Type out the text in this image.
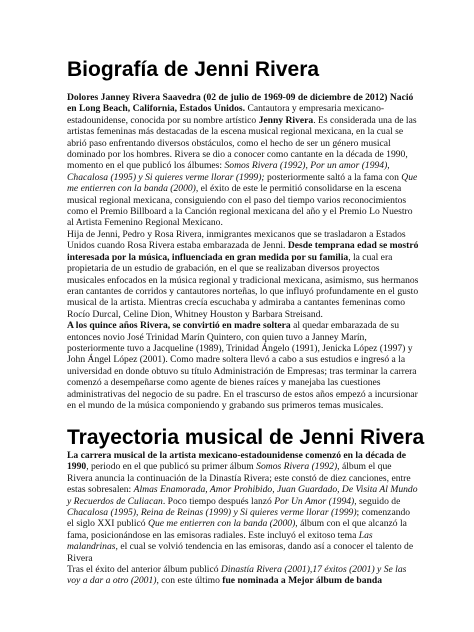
Biografía de Jenni Rivera

Dolores Janney Rivera Saavedra (02 de julio de 1969-09 de diciembre de 2012) Nació en Long Beach, California, Estados Unidos. Cantautora y empresaria mexicano-estadounidense, conocida por su nombre artístico Jenny Rivera. Es considerada una de las artistas femeninas más destacadas de la escena musical regional mexicana, en la cual se abrió paso enfrentando diversos obstáculos, como el hecho de ser un género musical dominado por los hombres. Rivera se dio a conocer como cantante en la década de 1990, momento en el que publicó los álbumes: Somos Rivera (1992), Por un amor (1994), Chacalosa (1995) y Si quieres verme llorar (1999); posteriormente saltó a la fama con Que me entierren con la banda (2000), el éxito de este le permitió consolidarse en la escena musical regional mexicana, consiguiendo con el paso del tiempo varios reconocimientos como el Premio Billboard a la Canción regional mexicana del año y el Premio Lo Nuestro al Artista Femenino Regional Mexicano.

Hija de Jenni, Pedro y Rosa Rivera, inmigrantes mexicanos que se trasladaron a Estados Unidos cuando Rosa Rivera estaba embarazada de Jenni. Desde temprana edad se mostró interesada por la música, influenciada en gran medida por su familia, la cual era propietaria de un estudio de grabación, en el que se realizaban diversos proyectos musicales enfocados en la música regional y tradicional mexicana, asimismo, sus hermanos eran cantantes de corridos y cantautores norteñas, lo que influyó profundamente en el gusto musical de la artista. Mientras crecía escuchaba y admiraba a cantantes femeninas como Rocío Durcal, Celine Dion, Whitney Houston y Barbara Streisand.

A los quince años Rivera, se convirtió en madre soltera al quedar embarazada de su entonces novio José Trinidad Marín Quintero, con quien tuvo a Janney Marín, posteriormente tuvo a Jacqueline (1989), Trinidad Ángelo (1991), Jenicka López (1997) y John Ángel López (2001). Como madre soltera llevó a cabo a sus estudios e ingresó a la universidad en donde obtuvo su título Administración de Empresas; tras terminar la carrera comenzó a desempeñarse como agente de bienes raíces y manejaba las cuestiones administrativas del negocio de su padre. En el trascurso de estos años empezó a incursionar en el mundo de la música componiendo y grabando sus primeros temas musicales.

Trayectoria musical de Jenni Rivera

La carrera musical de la artista mexicano-estadounidense comenzó en la década de 1990, periodo en el que publicó su primer álbum Somos Rivera (1992), álbum el que Rivera anuncia la continuación de la Dinastía Rivera; este constó de diez canciones, entre estas sobresalen: Almas Enamorada, Amor Prohibido, Juan Guardado, De Visita Al Mundo y Recuerdos de Culiacan. Poco tiempo después lanzó Por Un Amor (1994), seguido de Chacalosa (1995), Reina de Reinas (1999) y Si quieres verme llorar (1999); comenzando el siglo XXI publicó Que me entierren con la banda (2000), álbum con el que alcanzó la fama, posicionándose en las emisoras radiales. Este incluyó el exitoso tema Las malandrinas, el cual se volvió tendencia en las emisoras, dando así a conocer el talento de Rivera

Tras el éxito del anterior álbum publicó Dinastía Rivera (2001),17 éxitos (2001) y Se las voy a dar a otro (2001), con este último fue nominada a Mejor álbum de banda
